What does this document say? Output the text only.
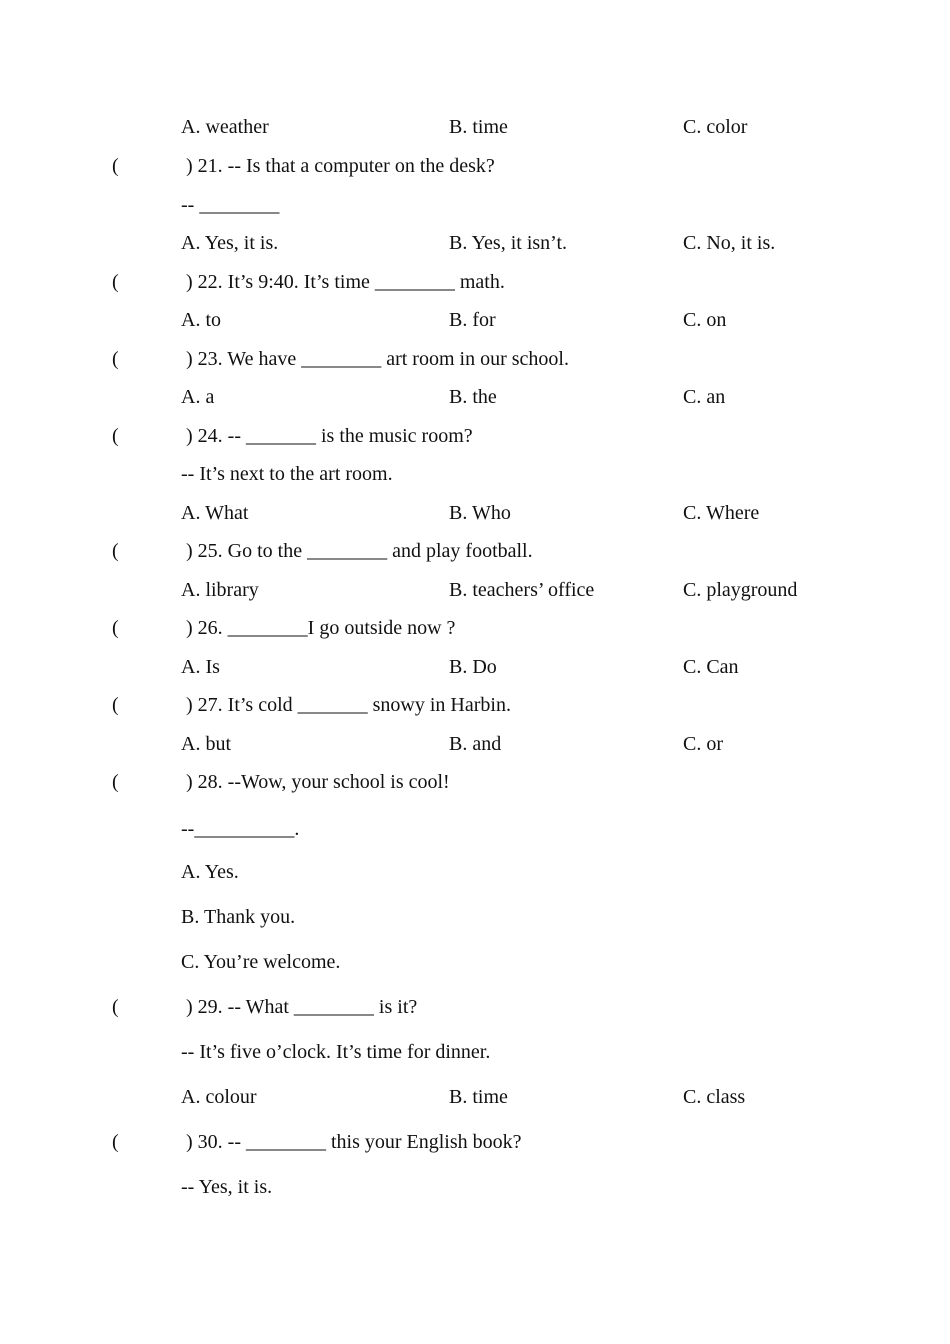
A. weather	B. time	C. color
(	) 21. -- Is that a computer on the desk?
-- ________
A. Yes, it is.	B. Yes, it isn’t.	C. No, it is.
(	) 22. It’s 9:40. It’s time ________ math.
A. to	B. for	C. on
(	) 23. We have ________ art room in our school.
A. a	B. the	C. an
(	) 24. -- _______ is the music room?
-- It’s next to the art room.
A. What	B. Who	C. Where
(	) 25. Go to the ________ and play football.
A. library	B. teachers’ office	C. playground
(	) 26. ________I go outside now ?
A. Is	B. Do	C. Can
(	) 27. It’s cold _______ snowy in Harbin.
A. but	B. and	C. or
(	) 28. --Wow, your school is cool!
--__________.
A. Yes.
B. Thank you.
C. You’re welcome.
(	) 29. -- What ________ is it?
-- It’s five o’clock. It’s time for dinner.
A. colour	B. time	C. class
(	) 30. -- ________ this your English book?
-- Yes, it is.
